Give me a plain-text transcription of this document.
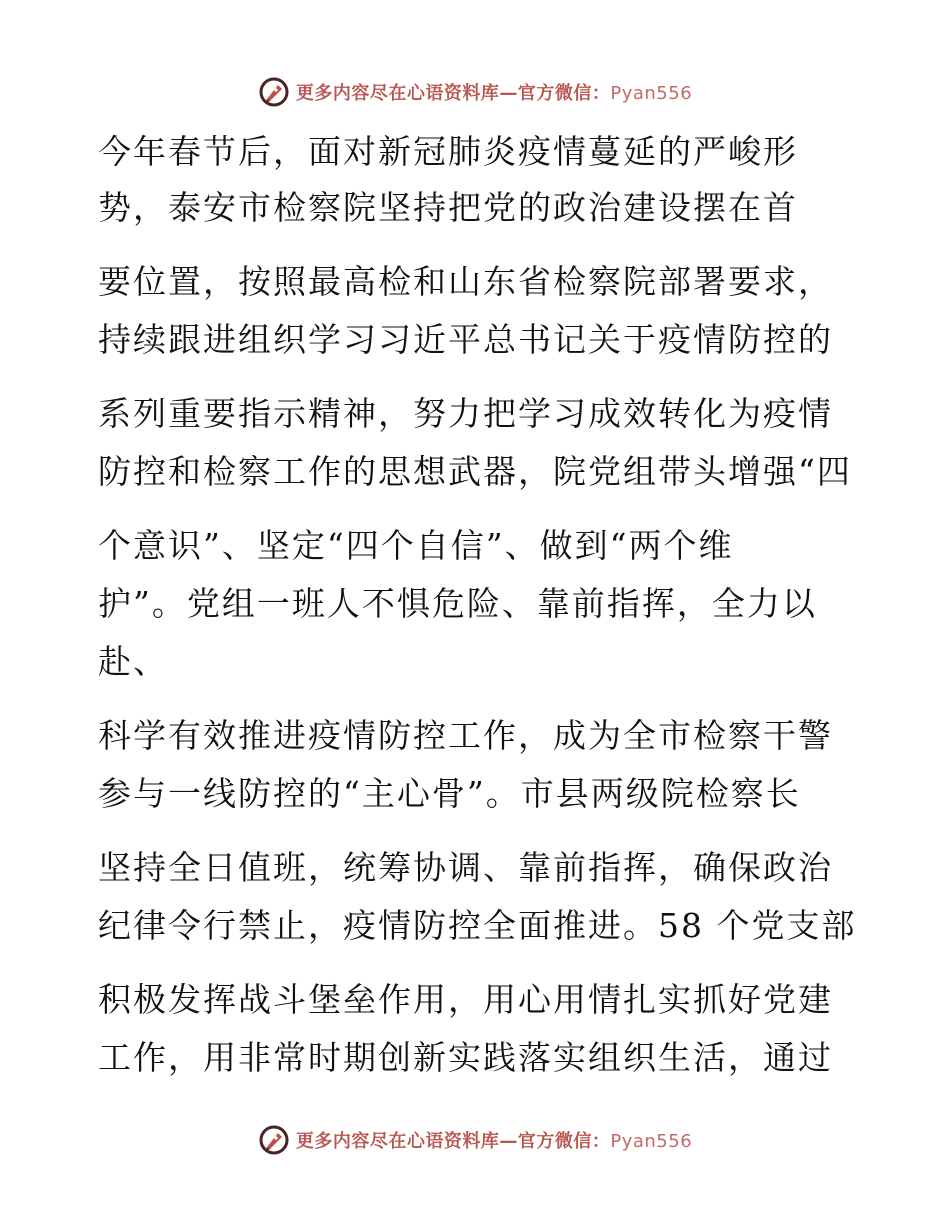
更多内容尽在心语资料库—官方微信：Pyan556
今年春节后，面对新冠肺炎疫情蔓延的严峻形
势，泰安市检察院坚持把党的政治建设摆在首
要位置，按照最高检和山东省检察院部署要求，
持续跟进组织学习习近平总书记关于疫情防控的
系列重要指示精神，努力把学习成效转化为疫情
防控和检察工作的思想武器，院党组带头增强“四
个意识”、坚定“四个自信”、做到“两个维
护”。党组一班人不惧危险、靠前指挥，全力以
赴、
科学有效推进疫情防控工作，成为全市检察干警
参与一线防控的“主心骨”。市县两级院检察长
坚持全日值班，统筹协调、靠前指挥，确保政治
纪律令行禁止，疫情防控全面推进。58 个党支部
积极发挥战斗堡垒作用，用心用情扎实抓好党建
工作，用非常时期创新实践落实组织生活，通过
更多内容尽在心语资料库—官方微信：Pyan556
